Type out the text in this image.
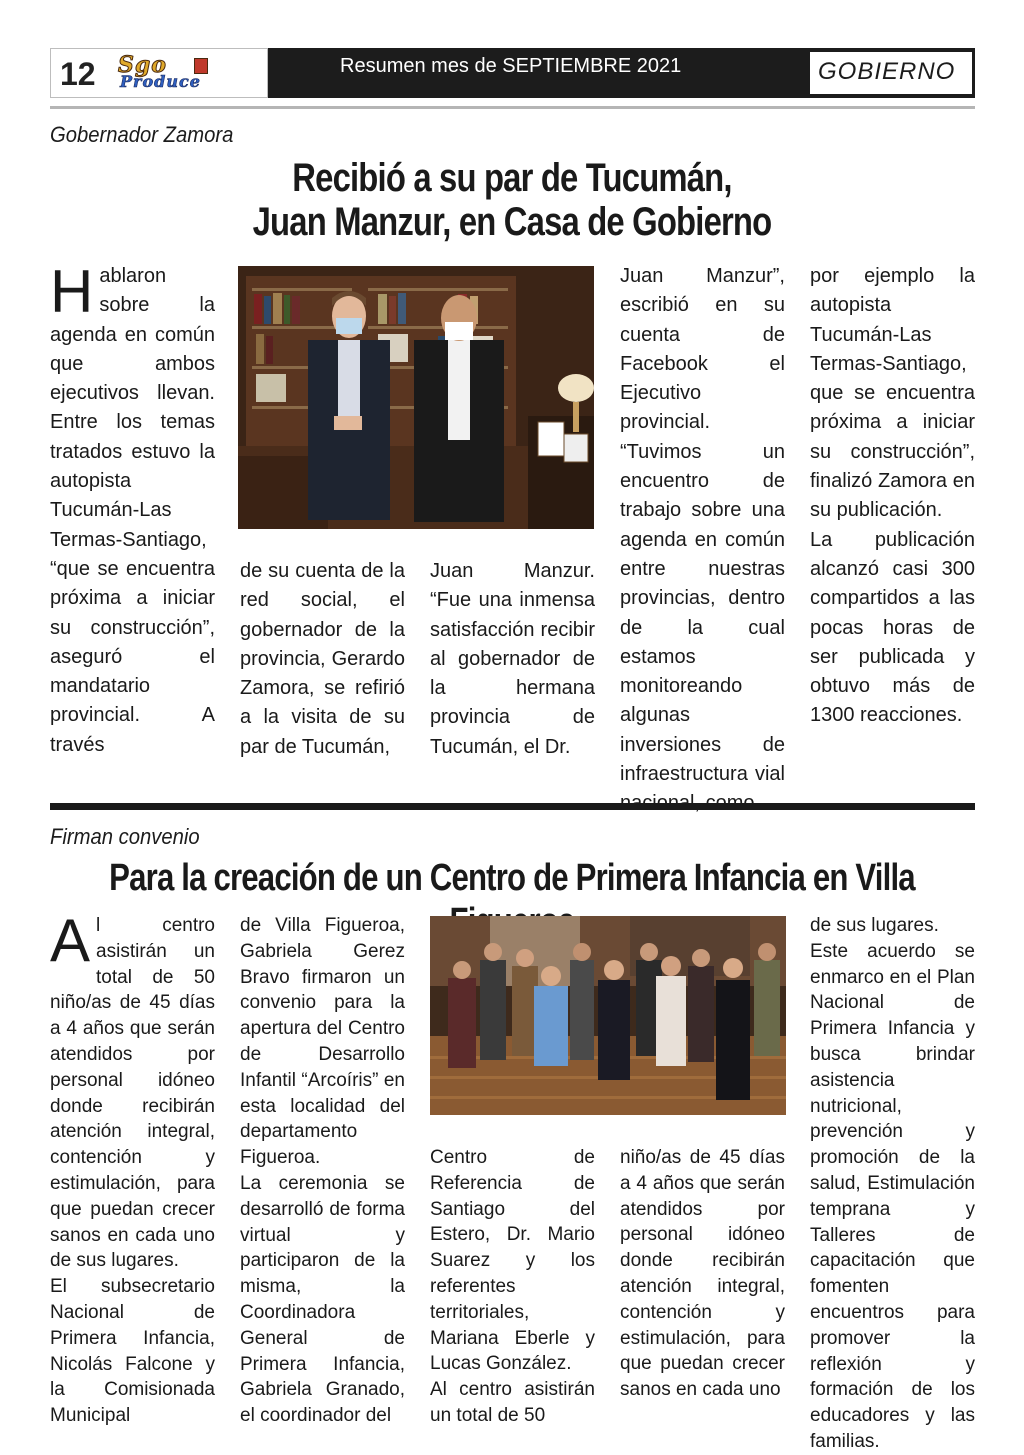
12 Sgo
Produce
Resumen mes de SEPTIEMBRE 2021	GOBIERNO
Gobernador Zamora
Recibió a su par de Tucumán,
Juan Manzur, en Casa de Gobierno
H ablaron sobre la agenda en común que ambos ejecutivos llevan. Entre los temas tratados estuvo la autopista Tucumán-Las Termas-Santiago, “que se encuentra próxima a iniciar su construcción”, aseguró el mandatario provincial. A través

de su cuenta de la red social, el gobernador de la provincia, Gerardo Zamora, se refirió a la visita de su par de Tucumán,

Juan Manzur. “Fue una inmensa satisfacción recibir al gobernador de la hermana provincia de Tucumán, el Dr.

Juan Manzur”, escribió en su cuenta de Facebook el Ejecutivo provincial.

“Tuvimos un encuentro de trabajo sobre una agenda en común entre nuestras provincias, dentro de la cual estamos monitoreando algunas inversiones de infraestructura vial

por ejemplo la autopista Tucumán-Las Termas-Santiago, que se encuentra próxima a iniciar su construcción”, finalizó Zamora en su publicación.

La publicación alcanzó casi 300 compartidos a las pocas horas de ser publicada y obtuvo más de 1300 reacciones.

Firman convenio
Para la creación de un Centro de Primera Infancia en Villa

A l centro asistirán un total de 50 niño/as de 45 días a 4 años que serán atendidos por personal idóneo donde recibirán atención integral, contención y estimulación, para que puedan crecer sanos en cada uno de sus lugares.

El subsecretario Nacional de Primera Infancia, Nicolás Falcone y la Comisionada Municipal

de Villa Figueroa, Gabriela Gerez Bravo firmaron un convenio para la apertura del Centro de Desarrollo Infantil “Arcoíris” en esta localidad del departamento Figueroa.

La ceremonia se desarrolló de forma virtual y participaron de la misma, la Coordinadora General de Primera Infancia, Gabriela Granado, el coordinador del

Centro de Referencia de Santiago del Estero, Dr. Mario Suarez y los referentes territoriales, Mariana Eberle y Lucas González.

Al centro asistirán un total de 50

niño/as de 45 días a 4 años que serán atendidos por personal idóneo donde recibirán atención integral, contención y estimulación, para que puedan crecer sanos en cada uno

de sus lugares.

Este acuerdo se enmarco en el Plan Nacional de Primera Infancia y busca brindar asistencia nutricional, prevención y promoción de la salud, Estimulación temprana y Talleres de capacitación que fomenten encuentros para promover la reflexión y formación de los educadores y las familias.
